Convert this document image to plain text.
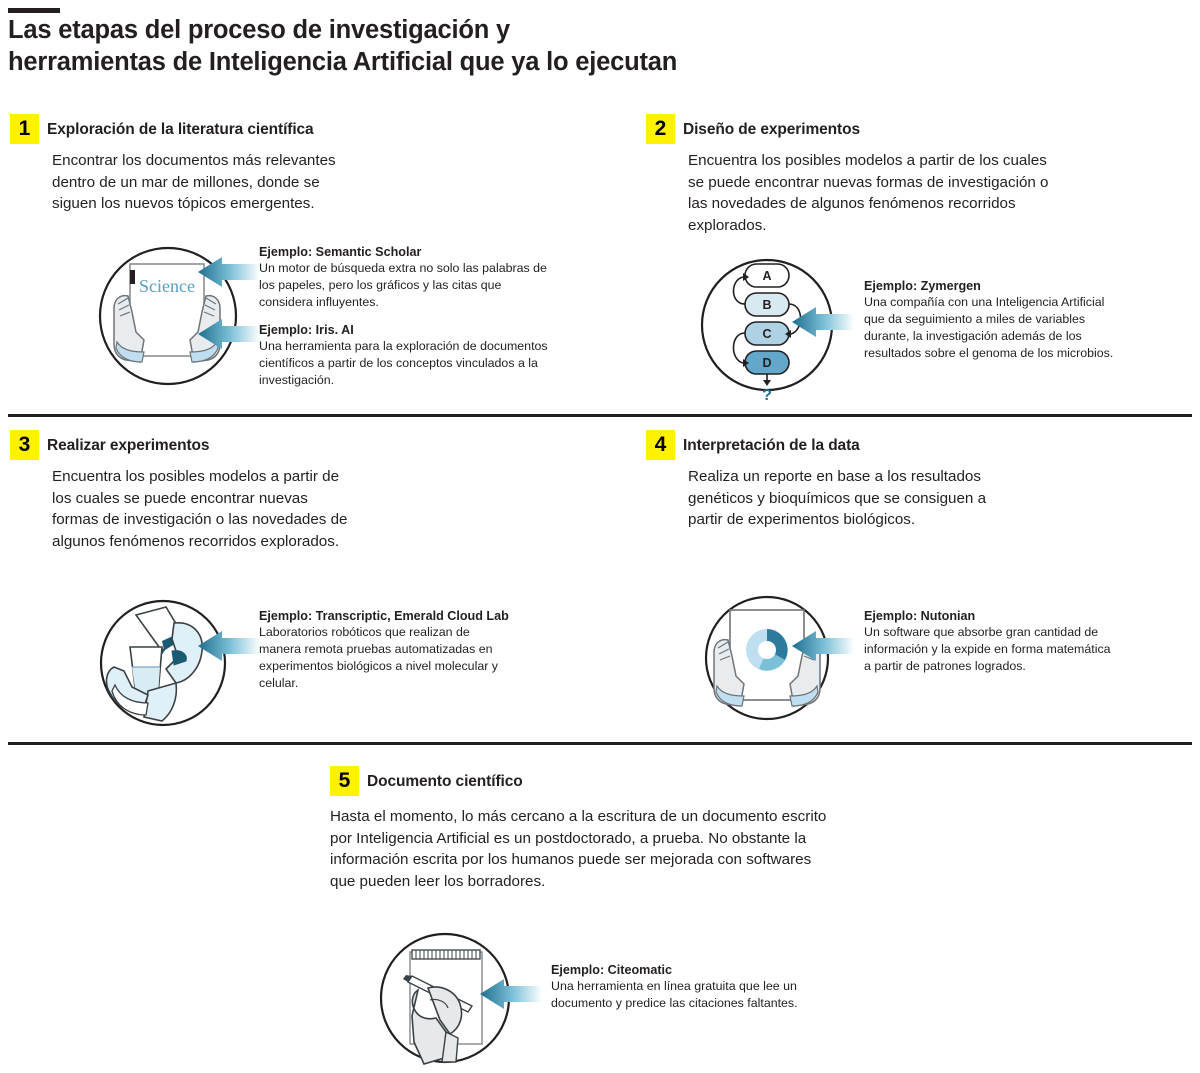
Las etapas del proceso de investigación y
herramientas de Inteligencia Artificial que ya lo ejecutan
1	Exploración de la literatura científica
Encontrar los documentos más relevantes
dentro de un mar de millones, donde se
siguen los nuevos tópicos emergentes.
Science
Ejemplo: Semantic Scholar
Un motor de búsqueda extra no solo las palabras de
los papeles, pero los gráficos y las citas que
considera influyentes.
Ejemplo: Iris. AI
Una herramienta para la exploración de documentos
científicos a partir de los conceptos vinculados a la
investigación.
2	Diseño de experimentos
Encuentra los posibles modelos a partir de los cuales
se puede encontrar nuevas formas de investigación o
las novedades de algunos fenómenos recorridos
explorados.
A
B
C
D
?
Ejemplo: Zymergen
Una compañía con una Inteligencia Artificial
que da seguimiento a miles de variables
durante, la investigación además de los
resultados sobre el genoma de los microbios.
3	Realizar experimentos
Encuentra los posibles modelos a partir de
los cuales se puede encontrar nuevas
formas de investigación o las novedades de
algunos fenómenos recorridos explorados.
Ejemplo: Transcriptic, Emerald Cloud Lab
Laboratorios robóticos que realizan de
manera remota pruebas automatizadas en
experimentos biológicos a nivel molecular y
celular.
4	Interpretación de la data
Realiza un reporte en base a los resultados
genéticos y bioquímicos que se consiguen a
partir de experimentos biológicos.
Ejemplo: Nutonian
Un software que absorbe gran cantidad de
información y la expide en forma matemática
a partir de patrones logrados.
5	Documento científico
Hasta el momento, lo más cercano a la escritura de un documento escrito
por Inteligencia Artificial es un postdoctorado, a prueba. No obstante la
información escrita por los humanos puede ser mejorada con softwares
que pueden leer los borradores.
Ejemplo: Citeomatic
Una herramienta en línea gratuita que lee un
documento y predice las citaciones faltantes.
